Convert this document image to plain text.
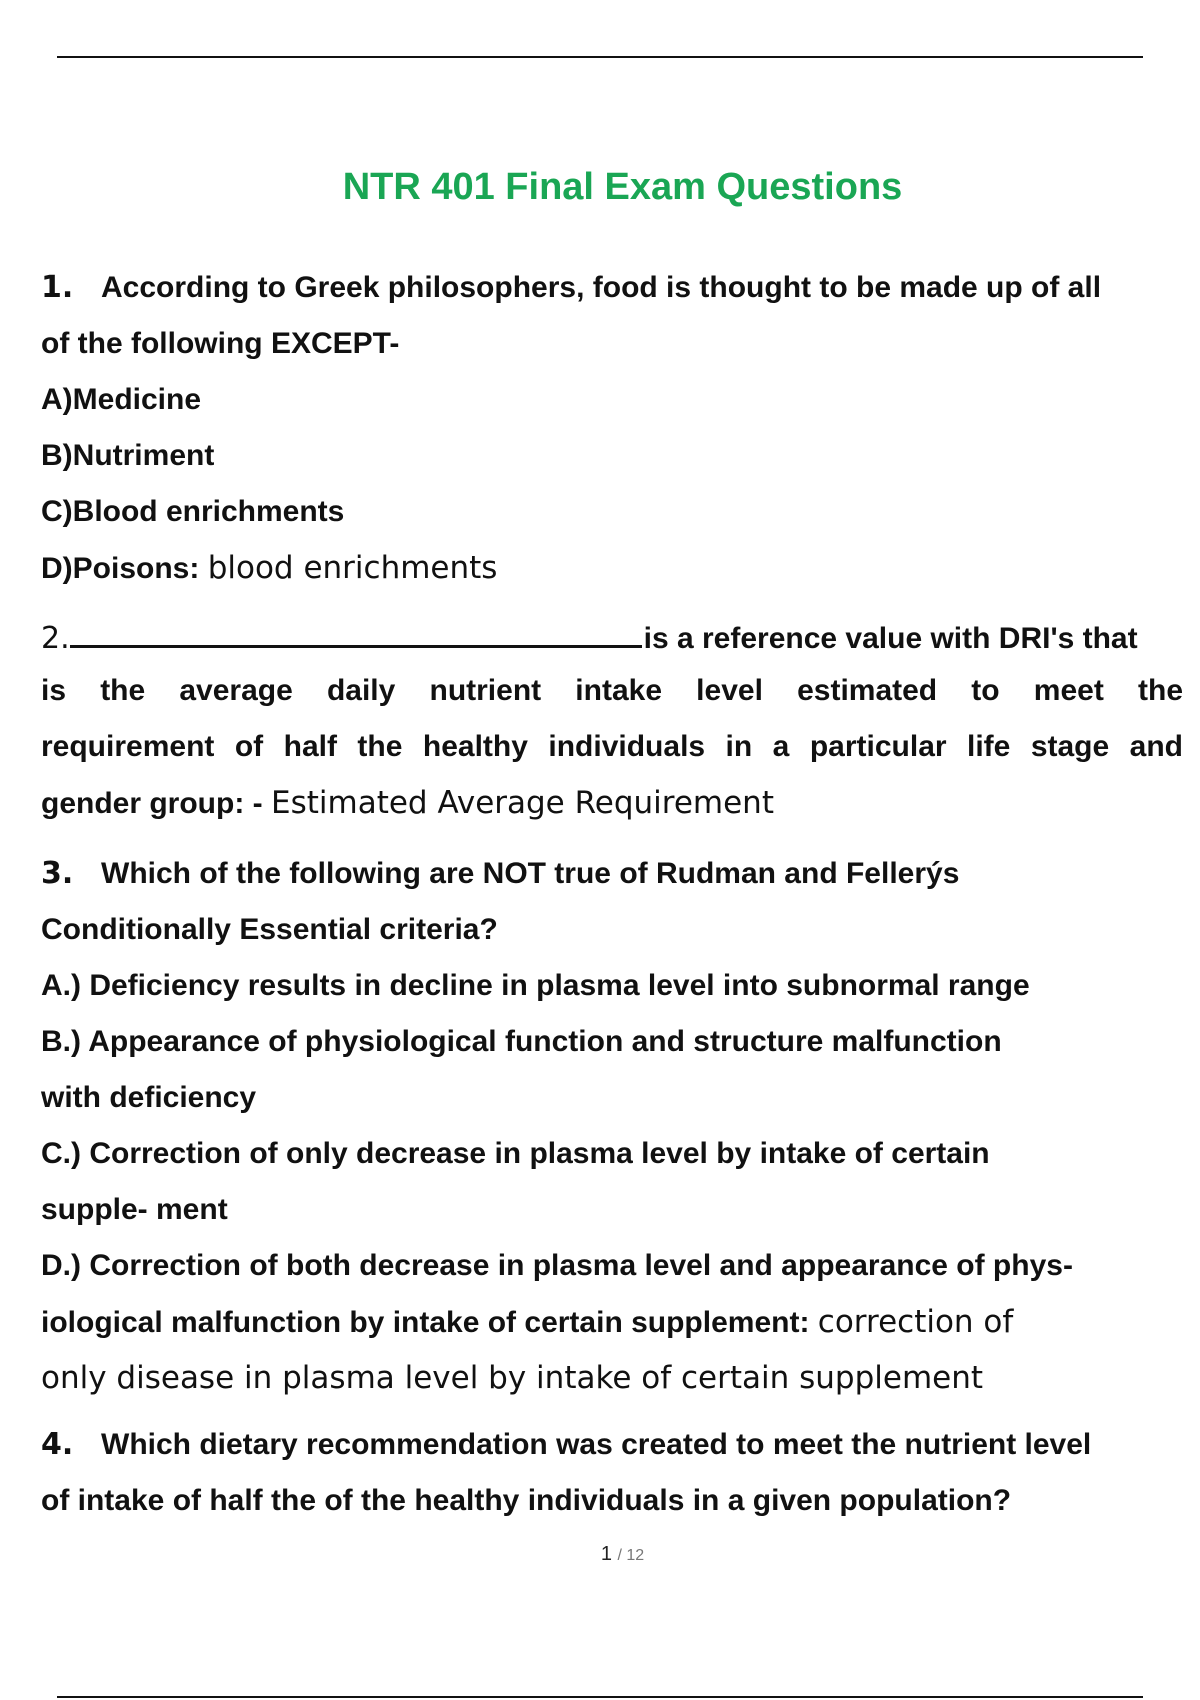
NTR 401 Final Exam Questions
1. According to Greek philosophers, food is thought to be made up of all
of the following EXCEPT-
A)Medicine
B)Nutriment
C)Blood enrichments
D)Poisons: blood enrichments
2.	is a reference value with DRI's that
is the average daily nutrient intake level estimated to meet the
requirement of half the healthy individuals in a particular life stage and
gender group: - Estimated Average Requirement
3. Which of the following are NOT true of Rudman and Fellerýs
Conditionally Essential criteria?
A.) Deficiency results in decline in plasma level into subnormal range
B.) Appearance of physiological function and structure malfunction
with deficiency
C.) Correction of only decrease in plasma level by intake of certain
supple- ment
D.) Correction of both decrease in plasma level and appearance of phys-
iological malfunction by intake of certain supplement: correction of
only disease in plasma level by intake of certain supplement
4. Which dietary recommendation was created to meet the nutrient level
of intake of half the of the healthy individuals in a given population?
1 / 12
